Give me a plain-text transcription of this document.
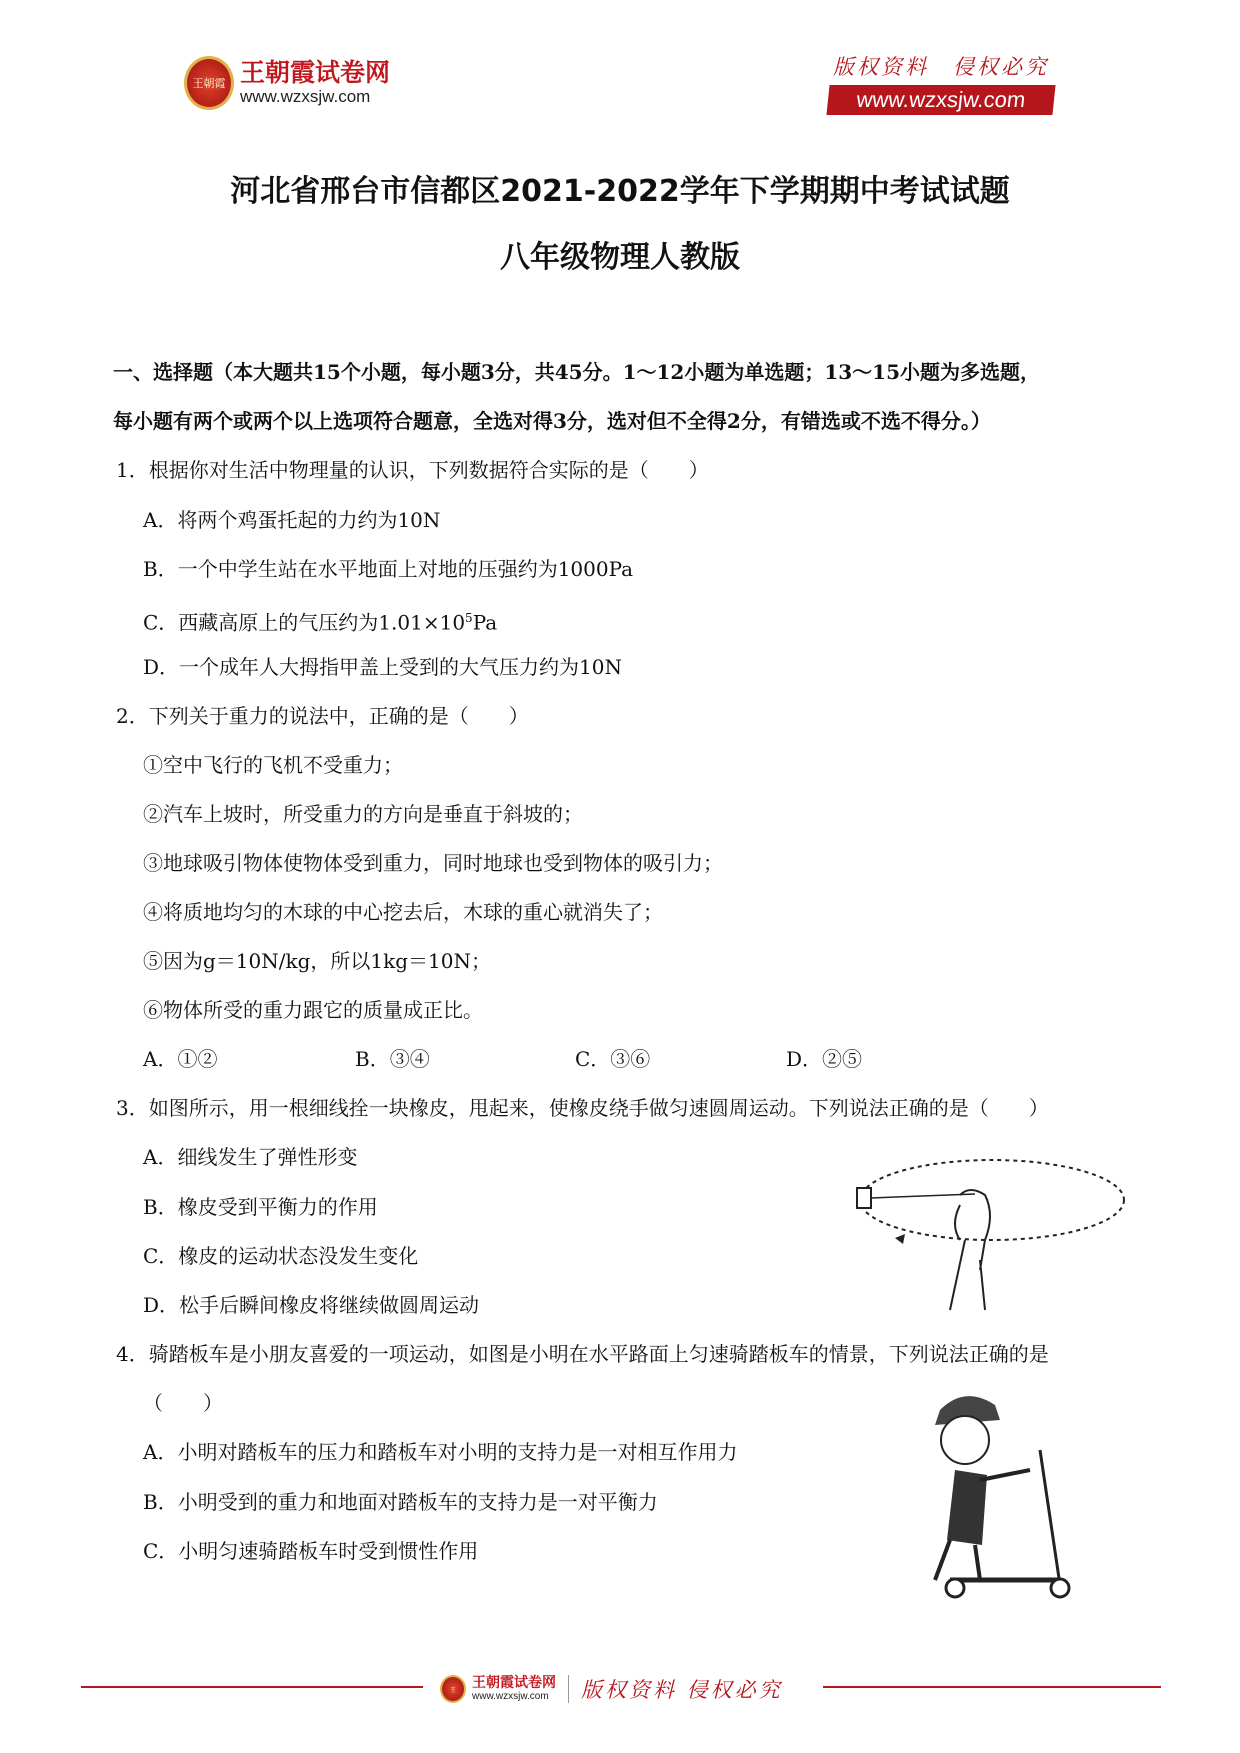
王朝霞 王朝霞试卷网
www.wzxsjw.com
版权资料　侵权必究
www.wzxsjw.com
河北省邢台市信都区2021-2022学年下学期期中考试试题
八年级物理人教版
一、选择题（本大题共15个小题，每小题3分，共45分。1～12小题为单选题；13～15小题为多选题，
每小题有两个或两个以上选项符合题意，全选对得3分，选对但不全得2分，有错选或不选不得分。）
1．根据你对生活中物理量的认识，下列数据符合实际的是（　　）
A．将两个鸡蛋托起的力约为10N
B．一个中学生站在水平地面上对地的压强约为1000Pa
C．西藏高原上的气压约为$1.01\times 10^5Pa$
D．一个成年人大拇指甲盖上受到的大气压力约为10N
2．下列关于重力的说法中，正确的是（　　）
①空中飞行的飞机不受重力；
②汽车上坡时，所受重力的方向是垂直于斜坡的；
③地球吸引物体使物体受到重力，同时地球也受到物体的吸引力；
④将质地均匀的木球的中心挖去后，木球的重心就消失了；
⑤因为g＝10N/kg，所以1kg＝10N；
⑥物体所受的重力跟它的质量成正比。
A．①②	B．③④	C．③⑥	D．②⑤
3．如图所示，用一根细线拴一块橡皮，甩起来，使橡皮绕手做匀速圆周运动。下列说法正确的是（　　）
A．细线发生了弹性形变
B．橡皮受到平衡力的作用
C．橡皮的运动状态没发生变化
D．松手后瞬间橡皮将继续做圆周运动
4．骑踏板车是小朋友喜爱的一项运动，如图是小明在水平路面上匀速骑踏板车的情景，下列说法正确的是
（　　）
A．小明对踏板车的压力和踏板车对小明的支持力是一对相互作用力
B．小明受到的重力和地面对踏板车的支持力是一对平衡力
C．小明匀速骑踏板车时受到惯性作用
王	王朝霞试卷网
www.wzxsjw.com	版权资料 侵权必究
